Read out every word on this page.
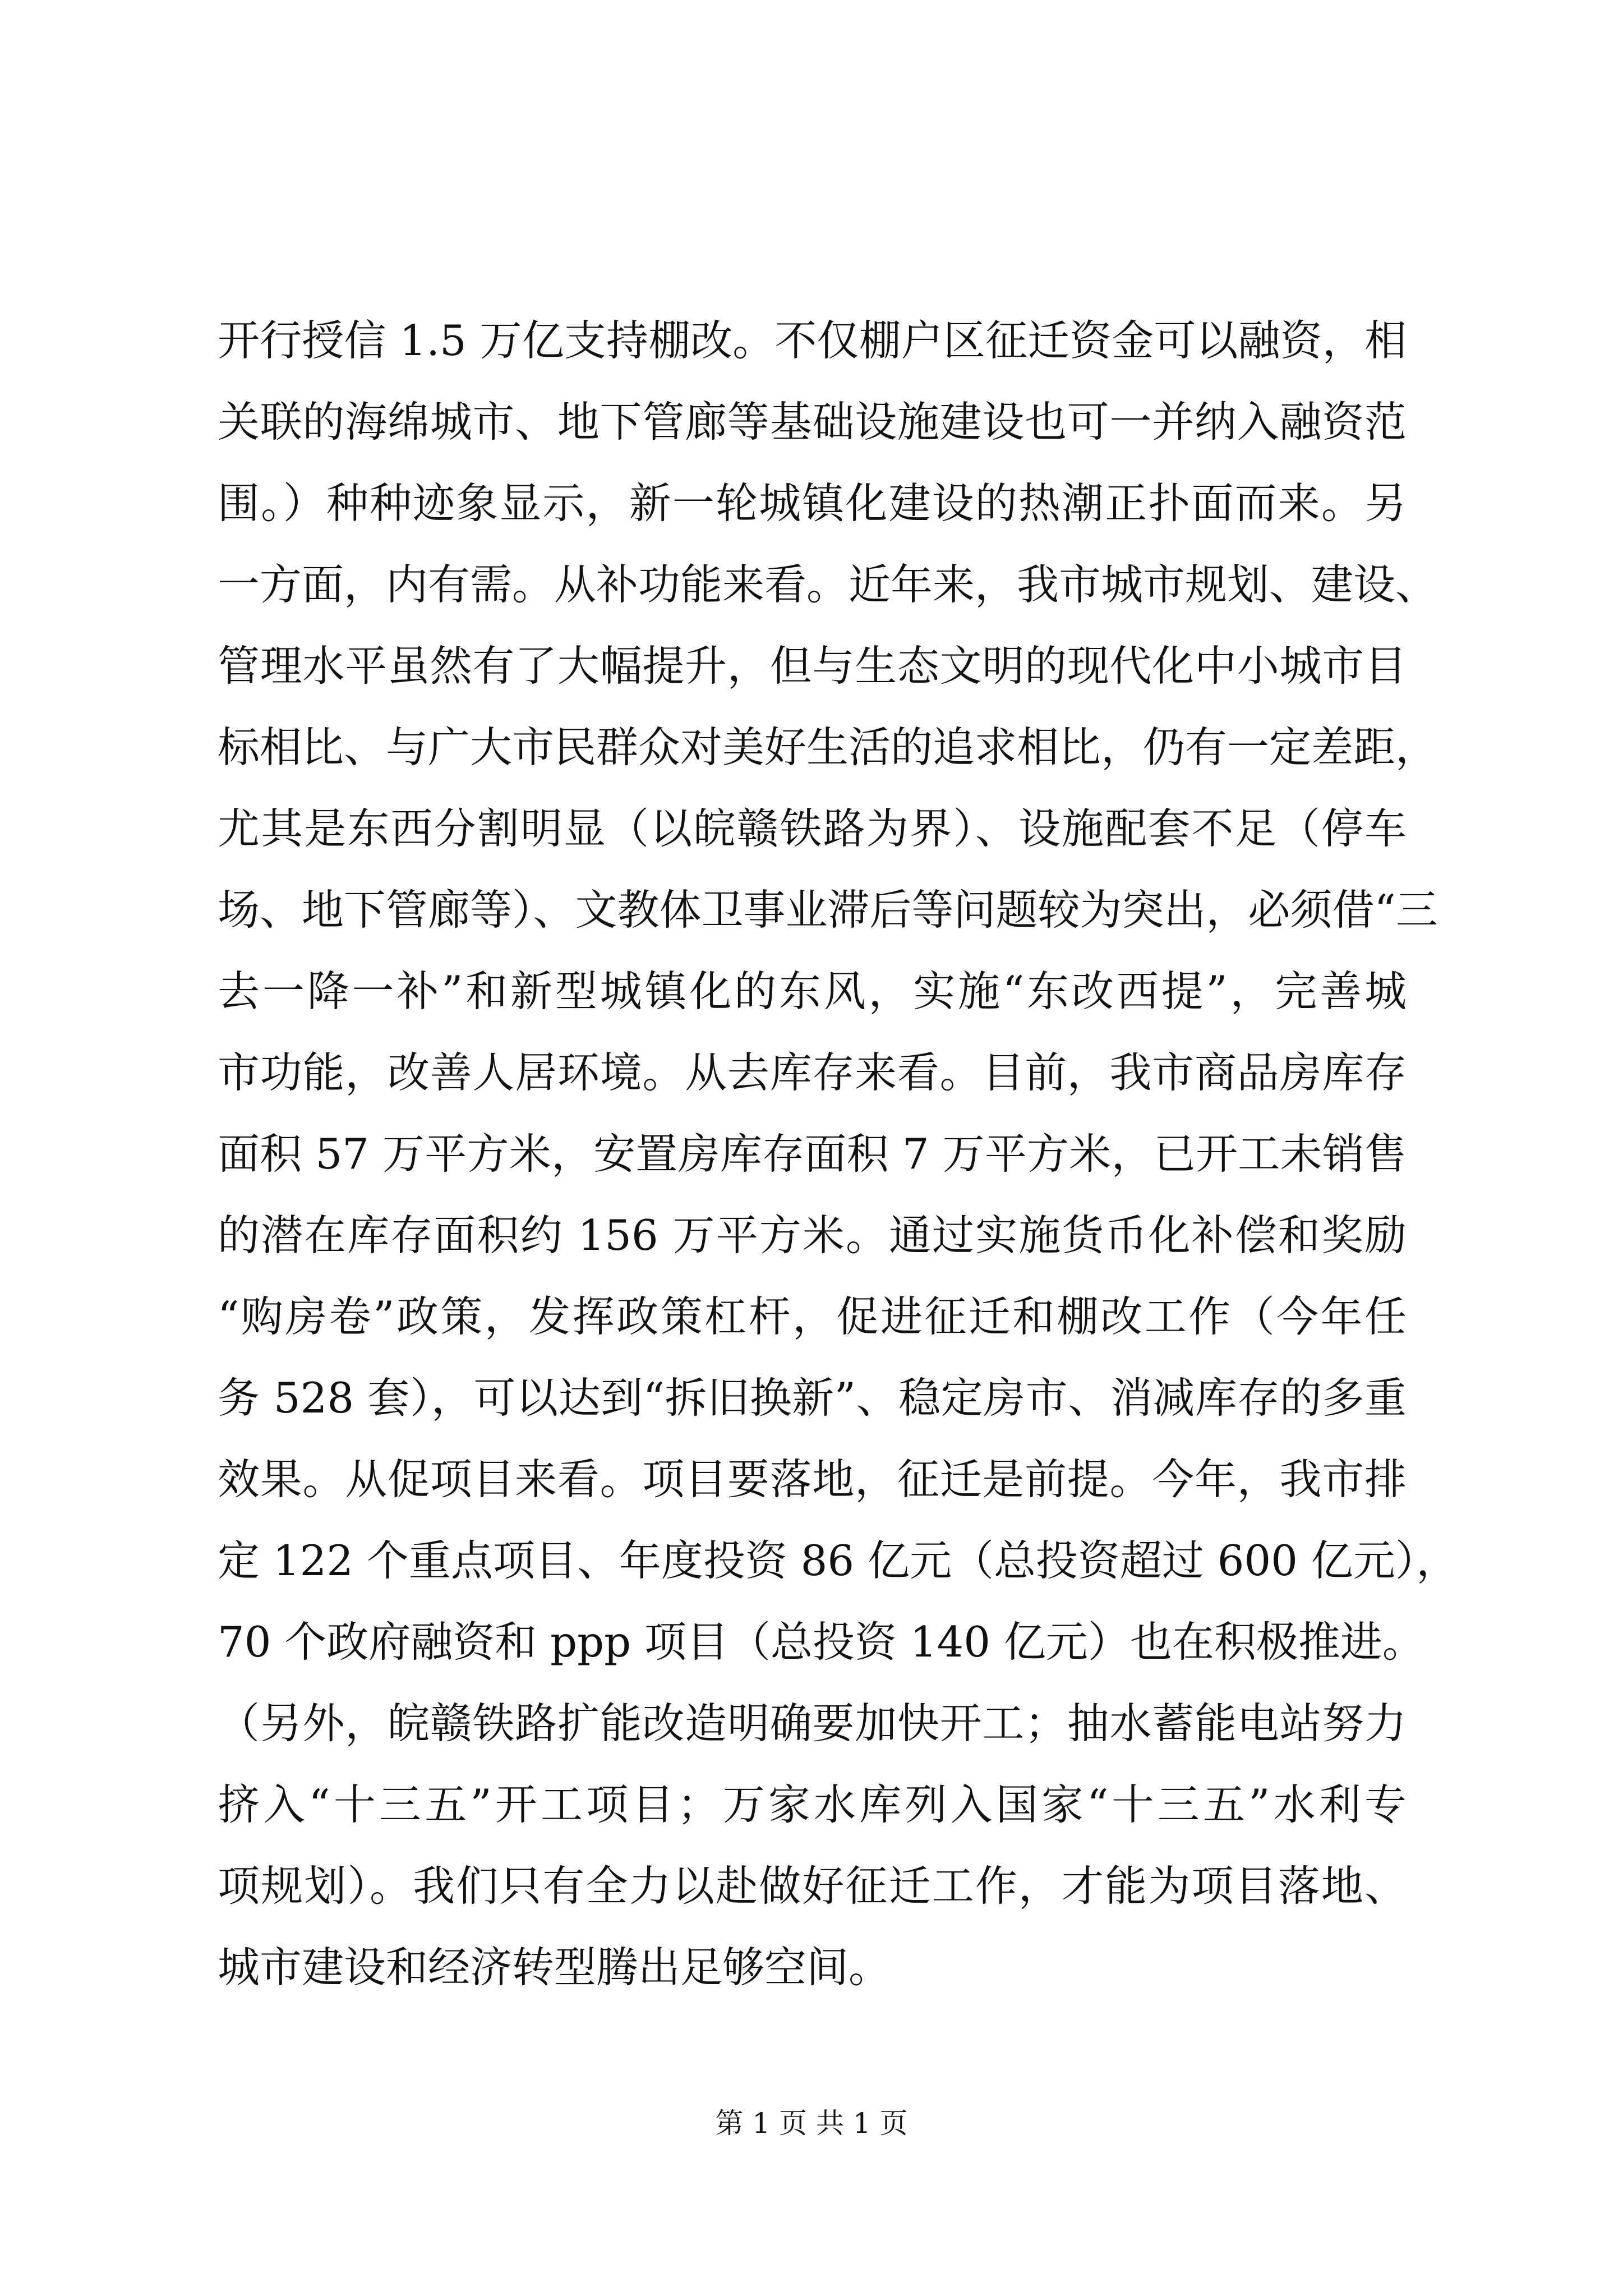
开行授信 1.5 万亿支持棚改。不仅棚户区征迁资金可以融资，相
关联的海绵城市、地下管廊等基础设施建设也可一并纳入融资范
围。）种种迹象显示，新一轮城镇化建设的热潮正扑面而来。另
一方面，内有需。从补功能来看。近年来，我市城市规划、建设、
管理水平虽然有了大幅提升，但与生态文明的现代化中小城市目
标相比、与广大市民群众对美好生活的追求相比，仍有一定差距，
尤其是东西分割明显（以皖赣铁路为界）、设施配套不足（停车
场、地下管廊等）、文教体卫事业滞后等问题较为突出，必须借“三
去一降一补”和新型城镇化的东风，实施“东改西提”，完善城
市功能，改善人居环境。从去库存来看。目前，我市商品房库存
面积 57 万平方米，安置房库存面积 7 万平方米，已开工未销售
的潜在库存面积约 156 万平方米。通过实施货币化补偿和奖励
“购房卷”政策，发挥政策杠杆，促进征迁和棚改工作（今年任
务 528 套），可以达到“拆旧换新”、稳定房市、消减库存的多重
效果。从促项目来看。项目要落地，征迁是前提。今年，我市排
定 122 个重点项目、年度投资 86 亿元（总投资超过 600 亿元），
70 个政府融资和 ppp 项目（总投资 140 亿元）也在积极推进。
（另外，皖赣铁路扩能改造明确要加快开工；抽水蓄能电站努力
挤入“十三五”开工项目；万家水库列入国家“十三五”水利专
项规划）。我们只有全力以赴做好征迁工作，才能为项目落地、
城市建设和经济转型腾出足够空间。
第 1 页 共 1 页
